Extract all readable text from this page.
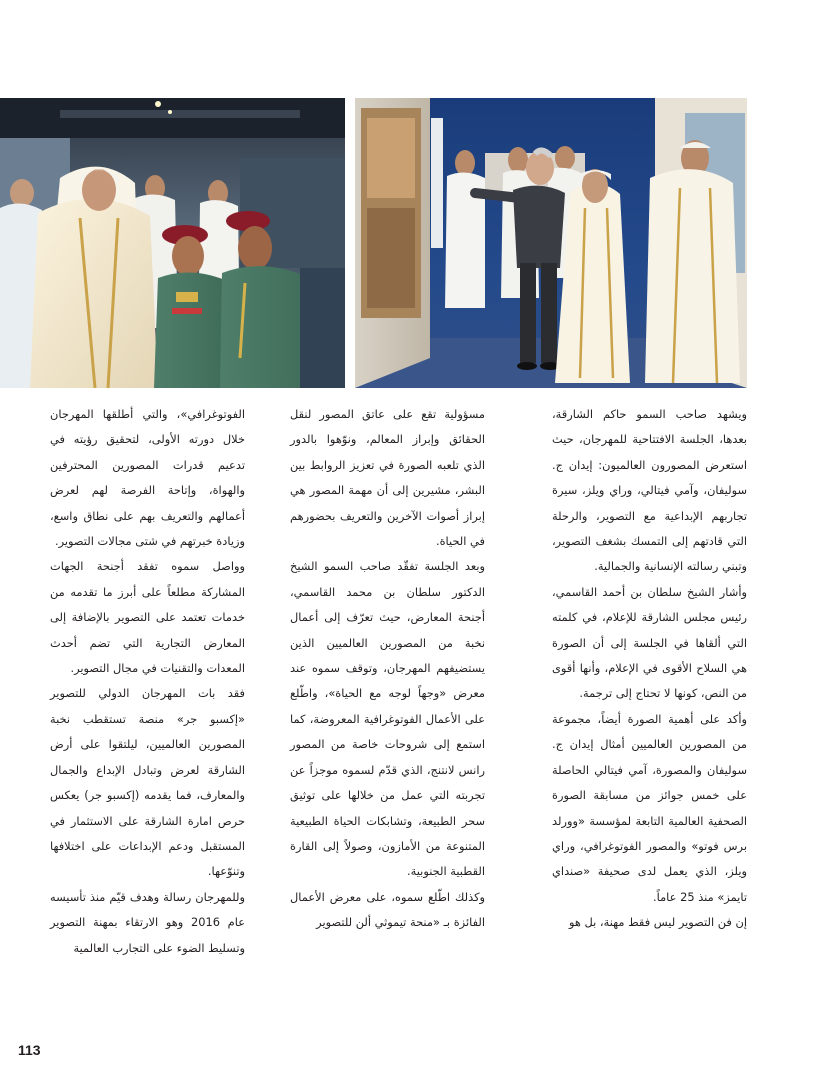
ويشهد صاحب السمو حاكم الشارقة، بعدها، الجلسة الافتتاحية للمهرجان، حيث استعرض المصورون العالميون: إيدان ج. سوليفان، وآمي فيتالي، وراي ويلز، سيرة تجاربهم الإبداعية مع التصوير، والرحلة التي قادتهم إلى التمسك بشغف التصوير، وتبني رسالته الإنسانية والجمالية.

وأشار الشيخ سلطان بن أحمد القاسمي، رئيس مجلس الشارقة للإعلام، في كلمته التي ألقاها في الجلسة إلى أن الصورة هي السلاح الأقوى في الإعلام، وأنها أقوى من النص، كونها لا تحتاج إلى ترجمة.

وأكد على أهمية الصورة أيضاً، مجموعة من المصورين العالميين أمثال إيدان ج. سوليفان والمصورة، آمي فيتالي الحاصلة على خمس جوائز من مسابقة الصورة الصحفية العالمية التابعة لمؤسسة «وورلد برس فوتو» والمصور الفوتوغرافي، وراي ويلز، الذي يعمل لدى صحيفة «صنداي تايمز» منذ 25 عاماً.

إن فن التصوير ليس فقط مهنة، بل هو

مسؤولية تقع على عاتق المصور لنقل الحقائق وإبراز المعالم، ونوّهوا بالدور الذي تلعبه الصورة في تعزيز الروابط بين البشر، مشيرين إلى أن مهمة المصور هي إبراز أصوات الآخرين والتعريف بحضورهم في الحياة.

وبعد الجلسة تفقّد صاحب السمو الشيخ الدكتور سلطان بن محمد القاسمي، أجنحة المعارض، حيث تعرّف إلى أعمال نخبة من المصورين العالميين الذين يستضيفهم المهرجان، وتوقف سموه عند معرض «وجهاً لوجه مع الحياة»، واطّلع على الأعمال الفوتوغرافية المعروضة، كما استمع إلى شروحات خاصة من المصور رانس لانتنج، الذي قدّم لسموه موجزاً عن تجربته التي عمل من خلالها على توثيق سحر الطبيعة، وتشابكات الحياة الطبيعية المتنوعة من الأمازون، وصولاً إلى القارة القطبية الجنوبية.

وكذلك اطّلع سموه، على معرض الأعمال الفائزة بـ «منحة تيموثي ألن للتصوير

الفوتوغرافي»، والتي أطلقها المهرجان خلال دورته الأولى، لتحقيق رؤيته في تدعيم قدرات المصورين المحترفين والهواة، وإتاحة الفرصة لهم لعرض أعمالهم والتعريف بهم على نطاق واسع، وزيادة خبرتهم في شتى مجالات التصوير.

وواصل سموه تفقد أجنحة الجهات المشاركة مطلعاً على أبرز ما تقدمه من خدمات تعتمد على التصوير بالإضافة إلى المعارض التجارية التي تضم أحدث المعدات والتقنيات في مجال التصوير.

فقد بات المهرجان الدولي للتصوير «إكسبو جر» منصة تستقطب نخبة المصورين العالميين، ليلتقوا على أرض الشارقة لعرض وتبادل الإبداع والجمال والمعارف، فما يقدمه (إكسبو جر) يعكس حرص امارة الشارقة على الاستثمار في المستقبل ودعم الإبداعات على اختلافها وتنوّعها.

وللمهرجان رسالة وهدف قيّم منذ تأسيسه عام 2016 وهو الارتقاء بمهنة التصوير وتسليط الضوء على التجارب العالمية

113
